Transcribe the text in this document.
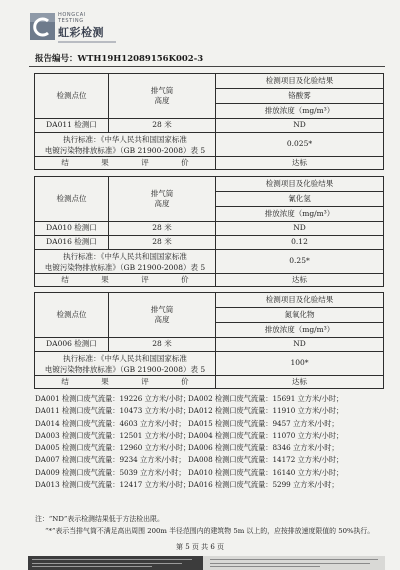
HONGCAI
TESTING
虹彩检测
报告编号：WTH19H12089156K002-3
检测点位	排气筒高度	检测项目及化验结果
		铬酸雾
		排放浓度（mg/m³）
DA011 检测口	28 米	ND

执行标准：《中华人民共和国国家标准
电镀污染物排放标准》（GB 21900-2008）表 5		0.025*
结 果 评 价		达标
检测点位	排气筒高度	检测项目及化验结果
		氰化氢
		排放浓度（mg/m³）
DA010 检测口	28 米	ND
DA016 检测口	28 米	0.12

执行标准：《中华人民共和国国家标准
电镀污染物排放标准》（GB 21900-2008）表 5		0.25*
结 果 评 价		达标
检测点位	排气筒高度	检测项目及化验结果
		氮氧化物
		排放浓度（mg/m³）
DA006 检测口	28 米	ND

执行标准：《中华人民共和国国家标准
电镀污染物排放标准》（GB 21900-2008）表 5		100*
结 果 评 价		达标
DA001 检测口废气流量：19226 立方米/小时；
DA002 检测口废气流量：15691 立方米/小时；
DA011 检测口废气流量：10473 立方米/小时；
DA012 检测口废气流量：11910 立方米/小时；
DA014 检测口废气流量：4603 立方米/小时； DA015 检测口废气流量：9457 立方米/小时；
DA003 检测口废气流量：12501 立方米/小时；
DA004 检测口废气流量：11070 立方米/小时；
DA005 检测口废气流量：12960 立方米/小时；
DA006 检测口废气流量：8346 立方米/小时；
DA007 检测口废气流量：9234 立方米/小时； DA008 检测口废气流量：14172 立方米/小时；
DA009 检测口废气流量：5039 立方米/小时； DA010 检测口废气流量：16140 立方米/小时；
DA013 检测口废气流量：12417 立方米/小时；
DA016 检测口废气流量：5299 立方米/小时；
注：“ND”表示检测结果低于方法检出限。
“*”表示当排气筒不满足高出周围 200m 半径范围内的建筑物 5m 以上的，应按排放速度限值的 50%执行。
第 5 页 共 6 页
